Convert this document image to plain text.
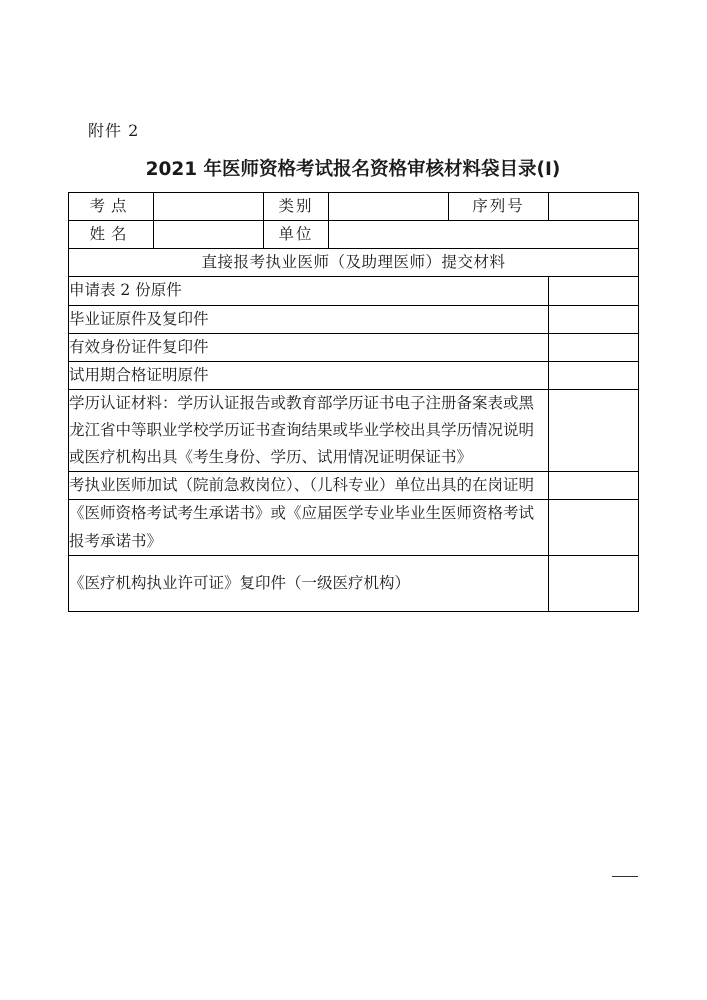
附件 2
2021 年医师资格考试报名资格审核材料袋目录(I)
考点		类别		序列号	
姓名		单位			
直接报考执业医师（及助理医师）提交材料					
申请表 2 份原件					
毕业证原件及复印件					
有效身份证件复印件					
试用期合格证明原件					
学历认证材料：学历认证报告或教育部学历证书电子注册备案表或黑龙江省中等职业学校学历证书查询结果或毕业学校出具学历情况说明或医疗机构出具《考生身份、学历、试用情况证明保证书》					
考执业医师加试（院前急救岗位）、（儿科专业）单位出具的在岗证明					
《医师资格考试考生承诺书》或《应届医学专业毕业生医师资格考试报考承诺书》					
《医疗机构执业许可证》复印件（一级医疗机构）					
